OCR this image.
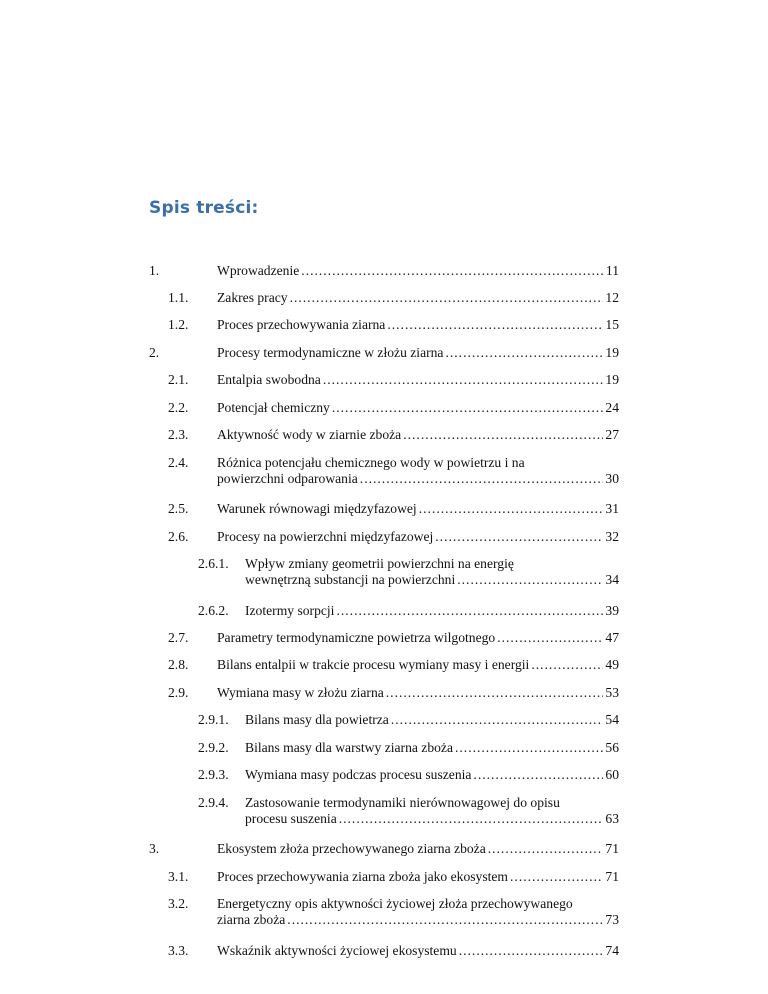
Spis treści:
1.	Wprowadzenie .....	11
1.1. Zakres pracy .....	12
1.2. Proces przechowywania ziarna .....	15
2.	Procesy termodynamiczne w złożu ziarna .....	19
2.1. Entalpia swobodna .....	19
2.2. Potencjał chemiczny .....	24
2.3. Aktywność wody w ziarnie zboża .....	27
2.4. Różnica potencjału chemicznego wody w powietrzu i na
powierzchni odparowania .....	30
2.5. Warunek równowagi międzyfazowej .....	31
2.6. Procesy na powierzchni międzyfazowej .....	32
2.6.1. Wpływ zmiany geometrii powierzchni na energię
wewnętrzną substancji na powierzchni .....	34
2.6.2. Izotermy sorpcji .....	39
2.7. Parametry termodynamiczne powietrza wilgotnego .....	47
2.8. Bilans entalpii w trakcie procesu wymiany masy i energii .....	49
2.9. Wymiana masy w złożu ziarna .....	53
2.9.1. Bilans masy dla powietrza .....	54
2.9.2. Bilans masy dla warstwy ziarna zboża .....	56
2.9.3. Wymiana masy podczas procesu suszenia .....	60
2.9.4. Zastosowanie termodynamiki nierównowagowej do opisu
procesu suszenia .....	63
3.	Ekosystem złoża przechowywanego ziarna zboża .....	71
3.1. Proces przechowywania ziarna zboża jako ekosystem .....	71
3.2. Energetyczny opis aktywności życiowej złoża przechowywanego
ziarna zboża .....	73
3.3. Wskaźnik aktywności życiowej ekosystemu .....	74
